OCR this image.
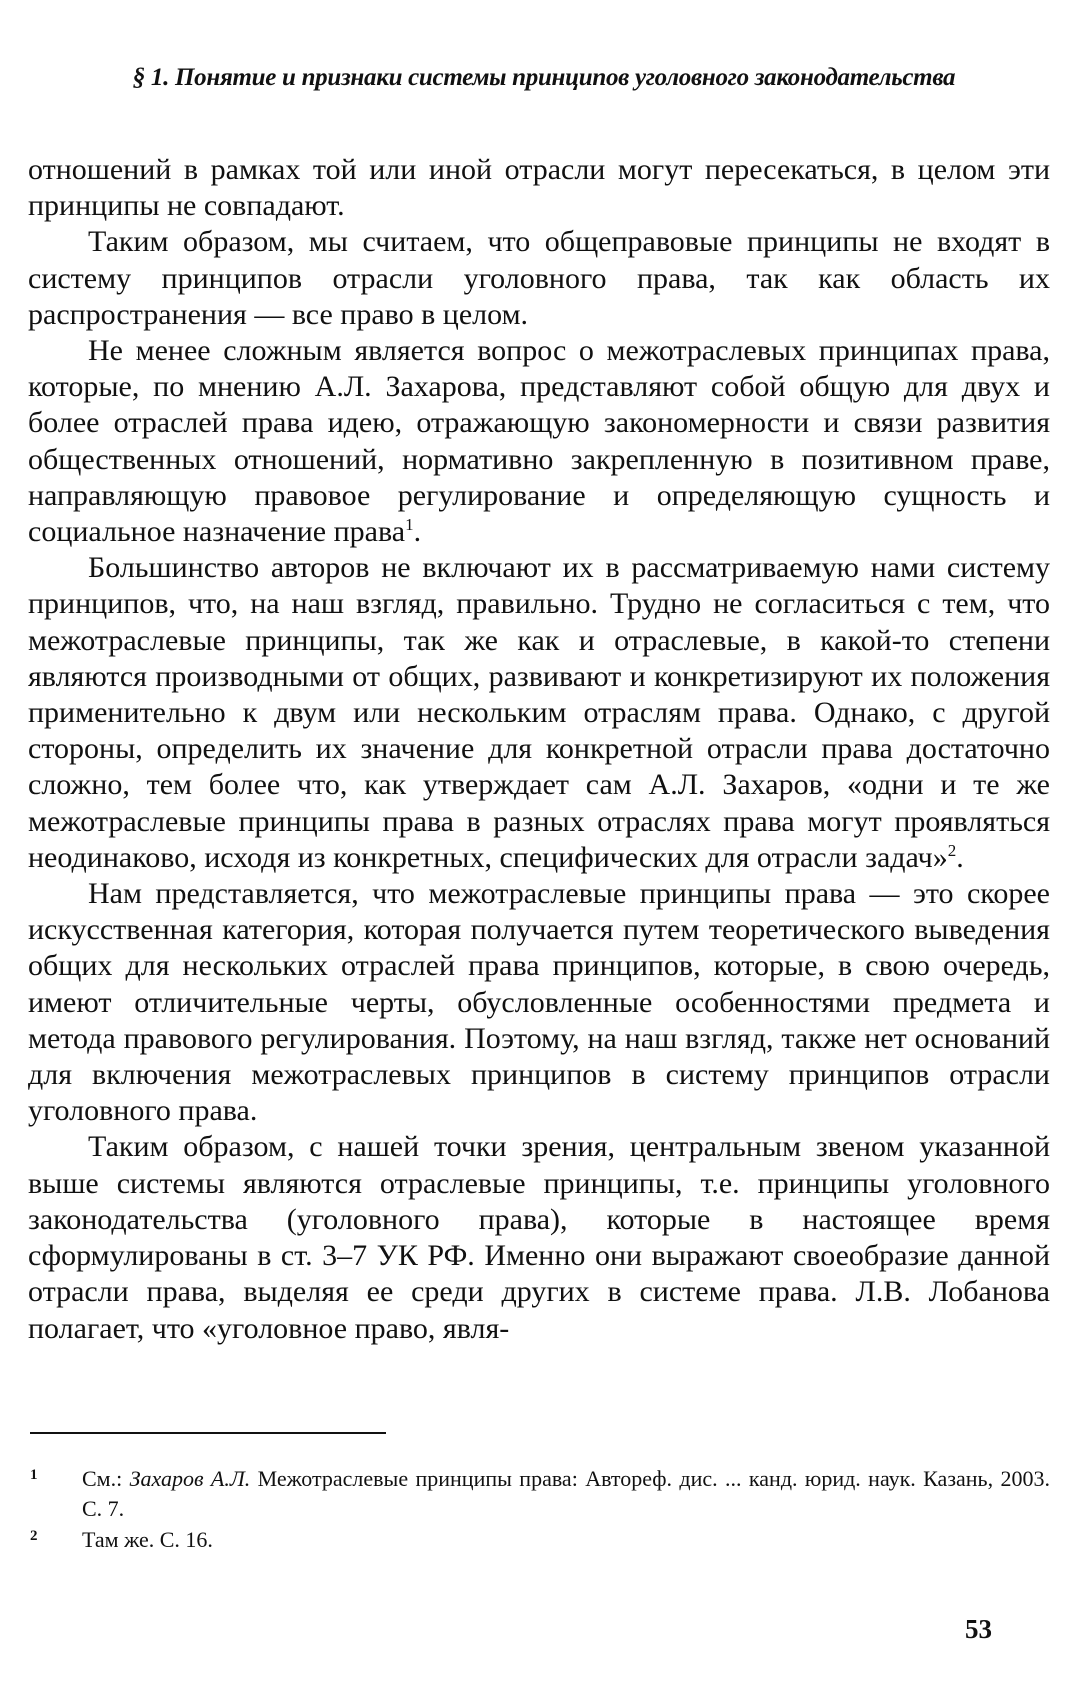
§ 1. Понятие и признаки системы принципов уголовного законодательства

отношений в рамках той или иной отрасли могут пересекаться, в целом эти принципы не совпадают.

Таким образом, мы считаем, что общеправовые принципы не входят в систему принципов отрасли уголовного права, так как область их распространения — все право в целом.

Не менее сложным является вопрос о межотраслевых принципах права, которые, по мнению А.Л. Захарова, представляют собой общую для двух и более отраслей права идею, отражающую закономерности и связи развития общественных отношений, нормативно закрепленную в позитивном праве, направляющую правовое регулирование и определяющую сущность и социальное назначение права$^1$.

Большинство авторов не включают их в рассматриваемую нами систему принципов, что, на наш взгляд, правильно. Трудно не согласиться с тем, что межотраслевые принципы, так же как и отраслевые, в какой-то степени являются производными от общих, развивают и конкретизируют их положения применительно к двум или нескольким отраслям права. Однако, с другой стороны, определить их значение для конкретной отрасли права достаточно сложно, тем более что, как утверждает сам А.Л. Захаров, «одни и те же межотраслевые принципы права в разных отраслях права могут проявляться неодинаково, исходя из конкретных, специфических для отрасли задач»$^2$.

Нам представляется, что межотраслевые принципы права — это скорее искусственная категория, которая получается путем теоретического выведения общих для нескольких отраслей права принципов, которые, в свою очередь, имеют отличительные черты, обусловленные особенностями предмета и метода правового регулирования. Поэтому, на наш взгляд, также нет оснований для включения межотраслевых принципов в систему принципов отрасли уголовного права.

Таким образом, с нашей точки зрения, центральным звеном указанной выше системы являются отраслевые принципы, т.е. принципы уголовного законодательства (уголовного права), которые в настоящее время сформулированы в ст. 3–7 УК РФ. Именно они выражают своеобразие данной отрасли права, выделяя ее среди других в системе права. Л.В. Лобанова полагает, что «уголовное право, явля-

1	См.: Захаров А.Л. Межотраслевые принципы права: Автореф. дис. ... канд. юрид. наук. Казань, 2003. С. 7.
2	Там же. С. 16.
53
